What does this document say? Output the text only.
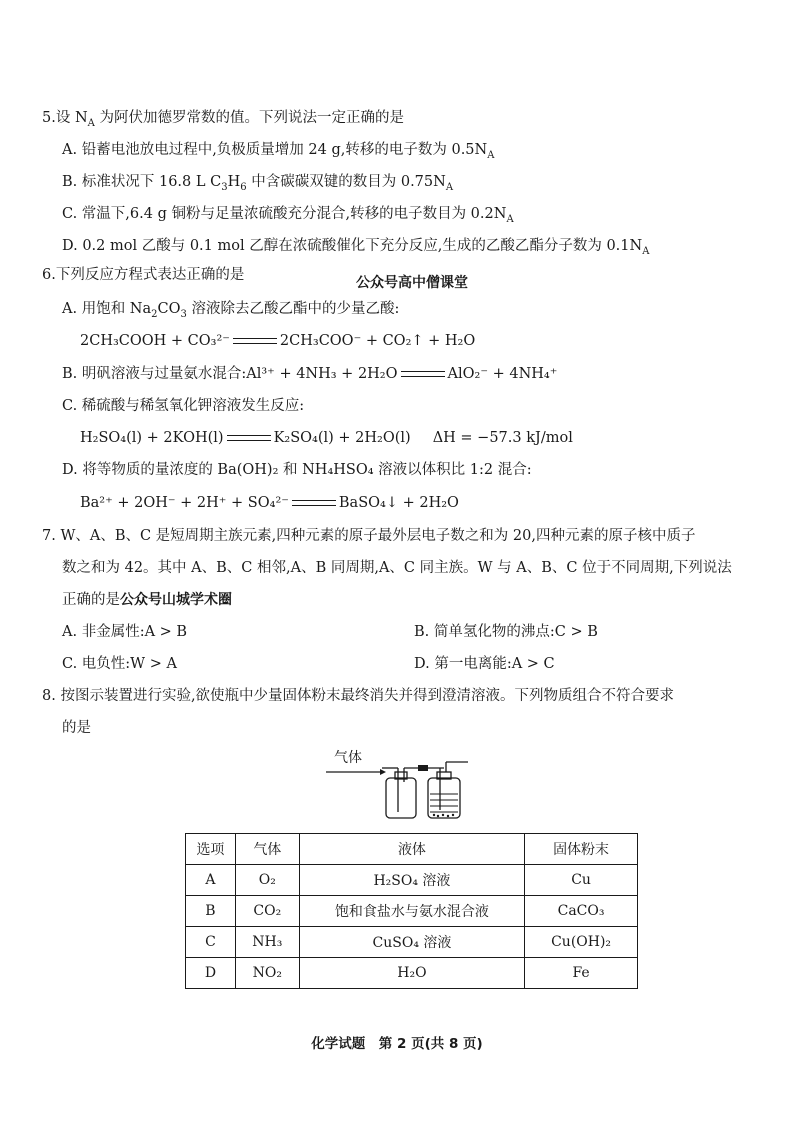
5.设 $N_A$ 为阿伏加德罗常数的值。下列说法一定正确的是
A. 铅蓄电池放电过程中,负极质量增加 24 g,转移的电子数为 $0.5N_A$
B. 标准状况下 16.8 L $C_3H_6$ 中含碳碳双键的数目为 $0.75N_A$
C. 常温下,6.4 g 铜粉与足量浓硫酸充分混合,转移的电子数目为 $0.2N_A$
D. 0.2 mol 乙酸与 0.1 mol 乙醇在浓硫酸催化下充分反应,生成的乙酸乙酯分子数为 $0.1N_A$
6.下列反应方程式表达正确的是	公众号高中僧课堂
A. 用饱和 $Na_2CO_3$ 溶液除去乙酸乙酯中的少量乙酸:
2CH₃COOH + CO₃²⁻	2CH₃COO⁻ + CO₂ ↑ + H₂O
B. 明矾溶液与过量氨水混合:Al³⁺ + 4NH₃ + 2H₂O	AlO₂⁻ + 4NH₄⁺
C. 稀硫酸与稀氢氧化钾溶液发生反应:
H₂SO₄(l) + 2KOH(l)	K₂SO₄(l) + 2H₂O(l) ΔH = −57.3 kJ/mol
D. 将等物质的量浓度的 Ba(OH)₂ 和 NH₄HSO₄ 溶液以体积比 1:2 混合:
Ba²⁺ + 2OH⁻ + 2H⁺ + SO₄²⁻	BaSO₄ ↓ + 2H₂O
7. W、A、B、C 是短周期主族元素,四种元素的原子最外层电子数之和为 20,四种元素的原子核中质子
数之和为 42。其中 A、B、C 相邻,A、B 同周期,A、C 同主族。W 与 A、B、C 位于不同周期,下列说法
正确的是公众号山城学术圈
A. 非金属性:A > B	B. 简单氢化物的沸点:C > B
C. 电负性:W > A	D. 第一电离能:A > C
8. 按图示装置进行实验,欲使瓶中少量固体粉末最终消失并得到澄清溶液。下列物质组合不符合要求
的是
气体
选项	气体	液体	固体粉末
A	O₂	H₂SO₄ 溶液	Cu
B	CO₂	饱和食盐水与氨水混合液	CaCO₃
C	NH₃	CuSO₄ 溶液	Cu(OH)₂
D	NO₂	H₂O	Fe
化学试题　第 2 页(共 8 页)
